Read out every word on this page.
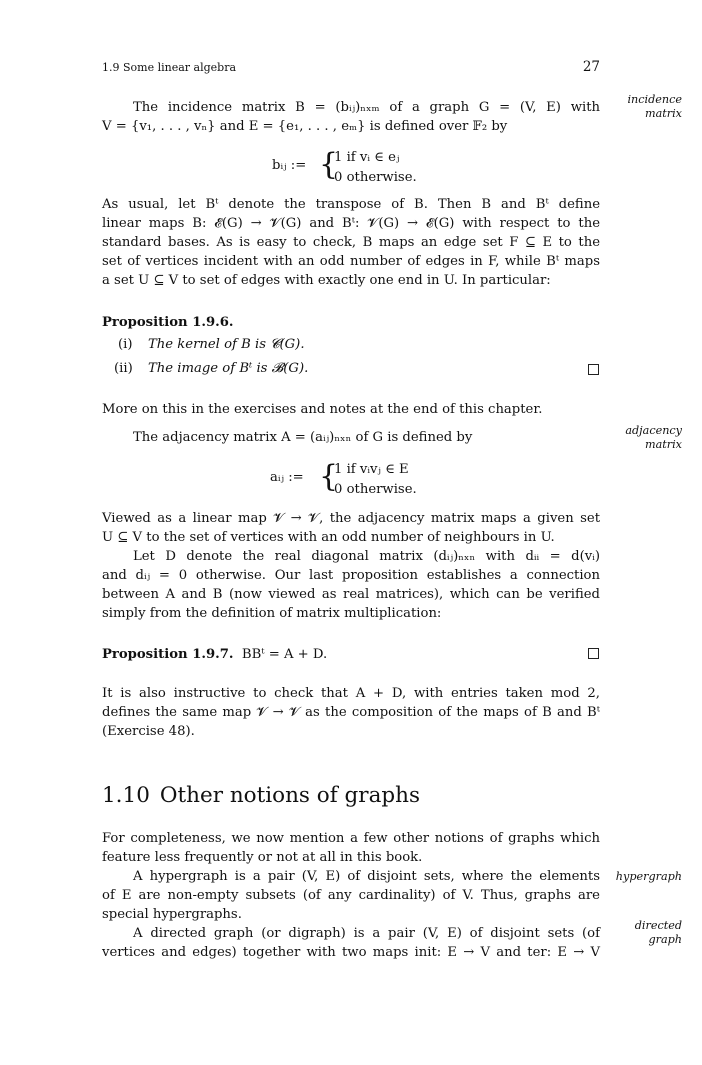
1.9 Some linear algebra	27
incidence
matrix
adjacency
matrix
hypergraph
directed
graph
The incidence matrix B = (bᵢⱼ)ₙₓₘ of a graph G = (V, E) with
V = {v₁, . . . , vₙ} and E = {e₁, . . . , eₘ} is defined over 𝔽₂ by
bᵢⱼ := {
1 if vᵢ ∈ eⱼ
0 otherwise.
As usual, let Bᵗ denote the transpose of B. Then B and Bᵗ define
linear maps B: 𝓔(G) → 𝓥(G) and Bᵗ: 𝓥(G) → 𝓔(G) with respect to the
standard bases. As is easy to check, B maps an edge set F ⊆ E to the
set of vertices incident with an odd number of edges in F, while Bᵗ maps
a set U ⊆ V to set of edges with exactly one end in U. In particular:
Proposition 1.9.6.
(i) The kernel of B is 𝓒(G).
(ii) The image of Bᵗ is 𝓑(G).
More on this in the exercises and notes at the end of this chapter.
The adjacency matrix A = (aᵢⱼ)ₙₓₙ of G is defined by
aᵢⱼ := {
1 if vᵢvⱼ ∈ E
0 otherwise.
Viewed as a linear map 𝓥 → 𝓥, the adjacency matrix maps a given set
U ⊆ V to the set of vertices with an odd number of neighbours in U.
Let D denote the real diagonal matrix (dᵢⱼ)ₙₓₙ with dᵢᵢ = d(vᵢ)
and dᵢⱼ = 0 otherwise. Our last proposition establishes a connection
between A and B (now viewed as real matrices), which can be verified
simply from the definition of matrix multiplication:
Proposition 1.9.7. BBᵗ = A + D.
It is also instructive to check that A + D, with entries taken mod 2,
defines the same map 𝓥 → 𝓥 as the composition of the maps of B and Bᵗ
(Exercise 48).
1.10 Other notions of graphs
For completeness, we now mention a few other notions of graphs which
feature less frequently or not at all in this book.
A hypergraph is a pair (V, E) of disjoint sets, where the elements
of E are non-empty subsets (of any cardinality) of V. Thus, graphs are
special hypergraphs.
A directed graph (or digraph) is a pair (V, E) of disjoint sets (of
vertices and edges) together with two maps init: E → V and ter: E → V
